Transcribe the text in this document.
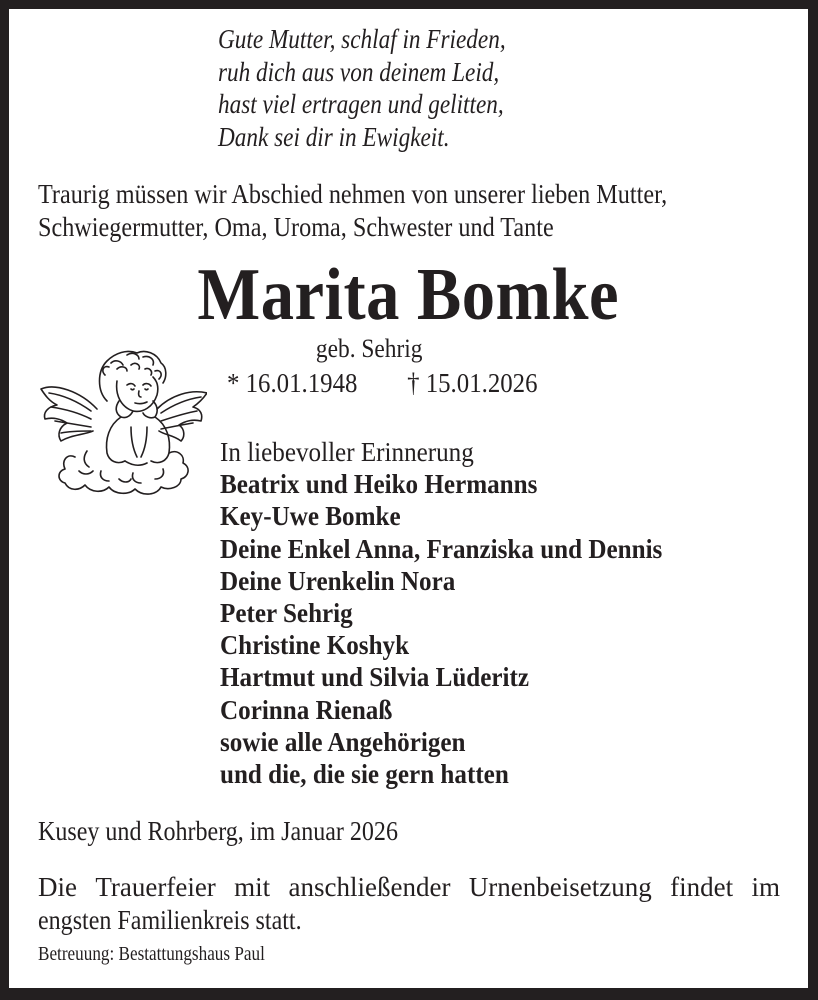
Gute Mutter, schlaf in Frieden,
ruh dich aus von deinem Leid,
hast viel ertragen und gelitten,
Dank sei dir in Ewigkeit.
Traurig müssen wir Abschied nehmen von unserer lieben Mutter,
Schwiegermutter, Oma, Uroma, Schwester und Tante
Marita Bomke
geb. Sehrig
* 16.01.1948 † 15.01.2026
In liebevoller Erinnerung
Beatrix und Heiko Hermanns
Key-Uwe Bomke
Deine Enkel Anna, Franziska und Dennis
Deine Urenkelin Nora
Peter Sehrig
Christine Koshyk
Hartmut und Silvia Lüderitz
Corinna Rienaß
sowie alle Angehörigen
und die, die sie gern hatten
Kusey und Rohrberg, im Januar 2026
Die Trauerfeier mit anschließender Urnenbeisetzung findet im
engsten Familienkreis statt.
Betreuung: Bestattungshaus Paul
